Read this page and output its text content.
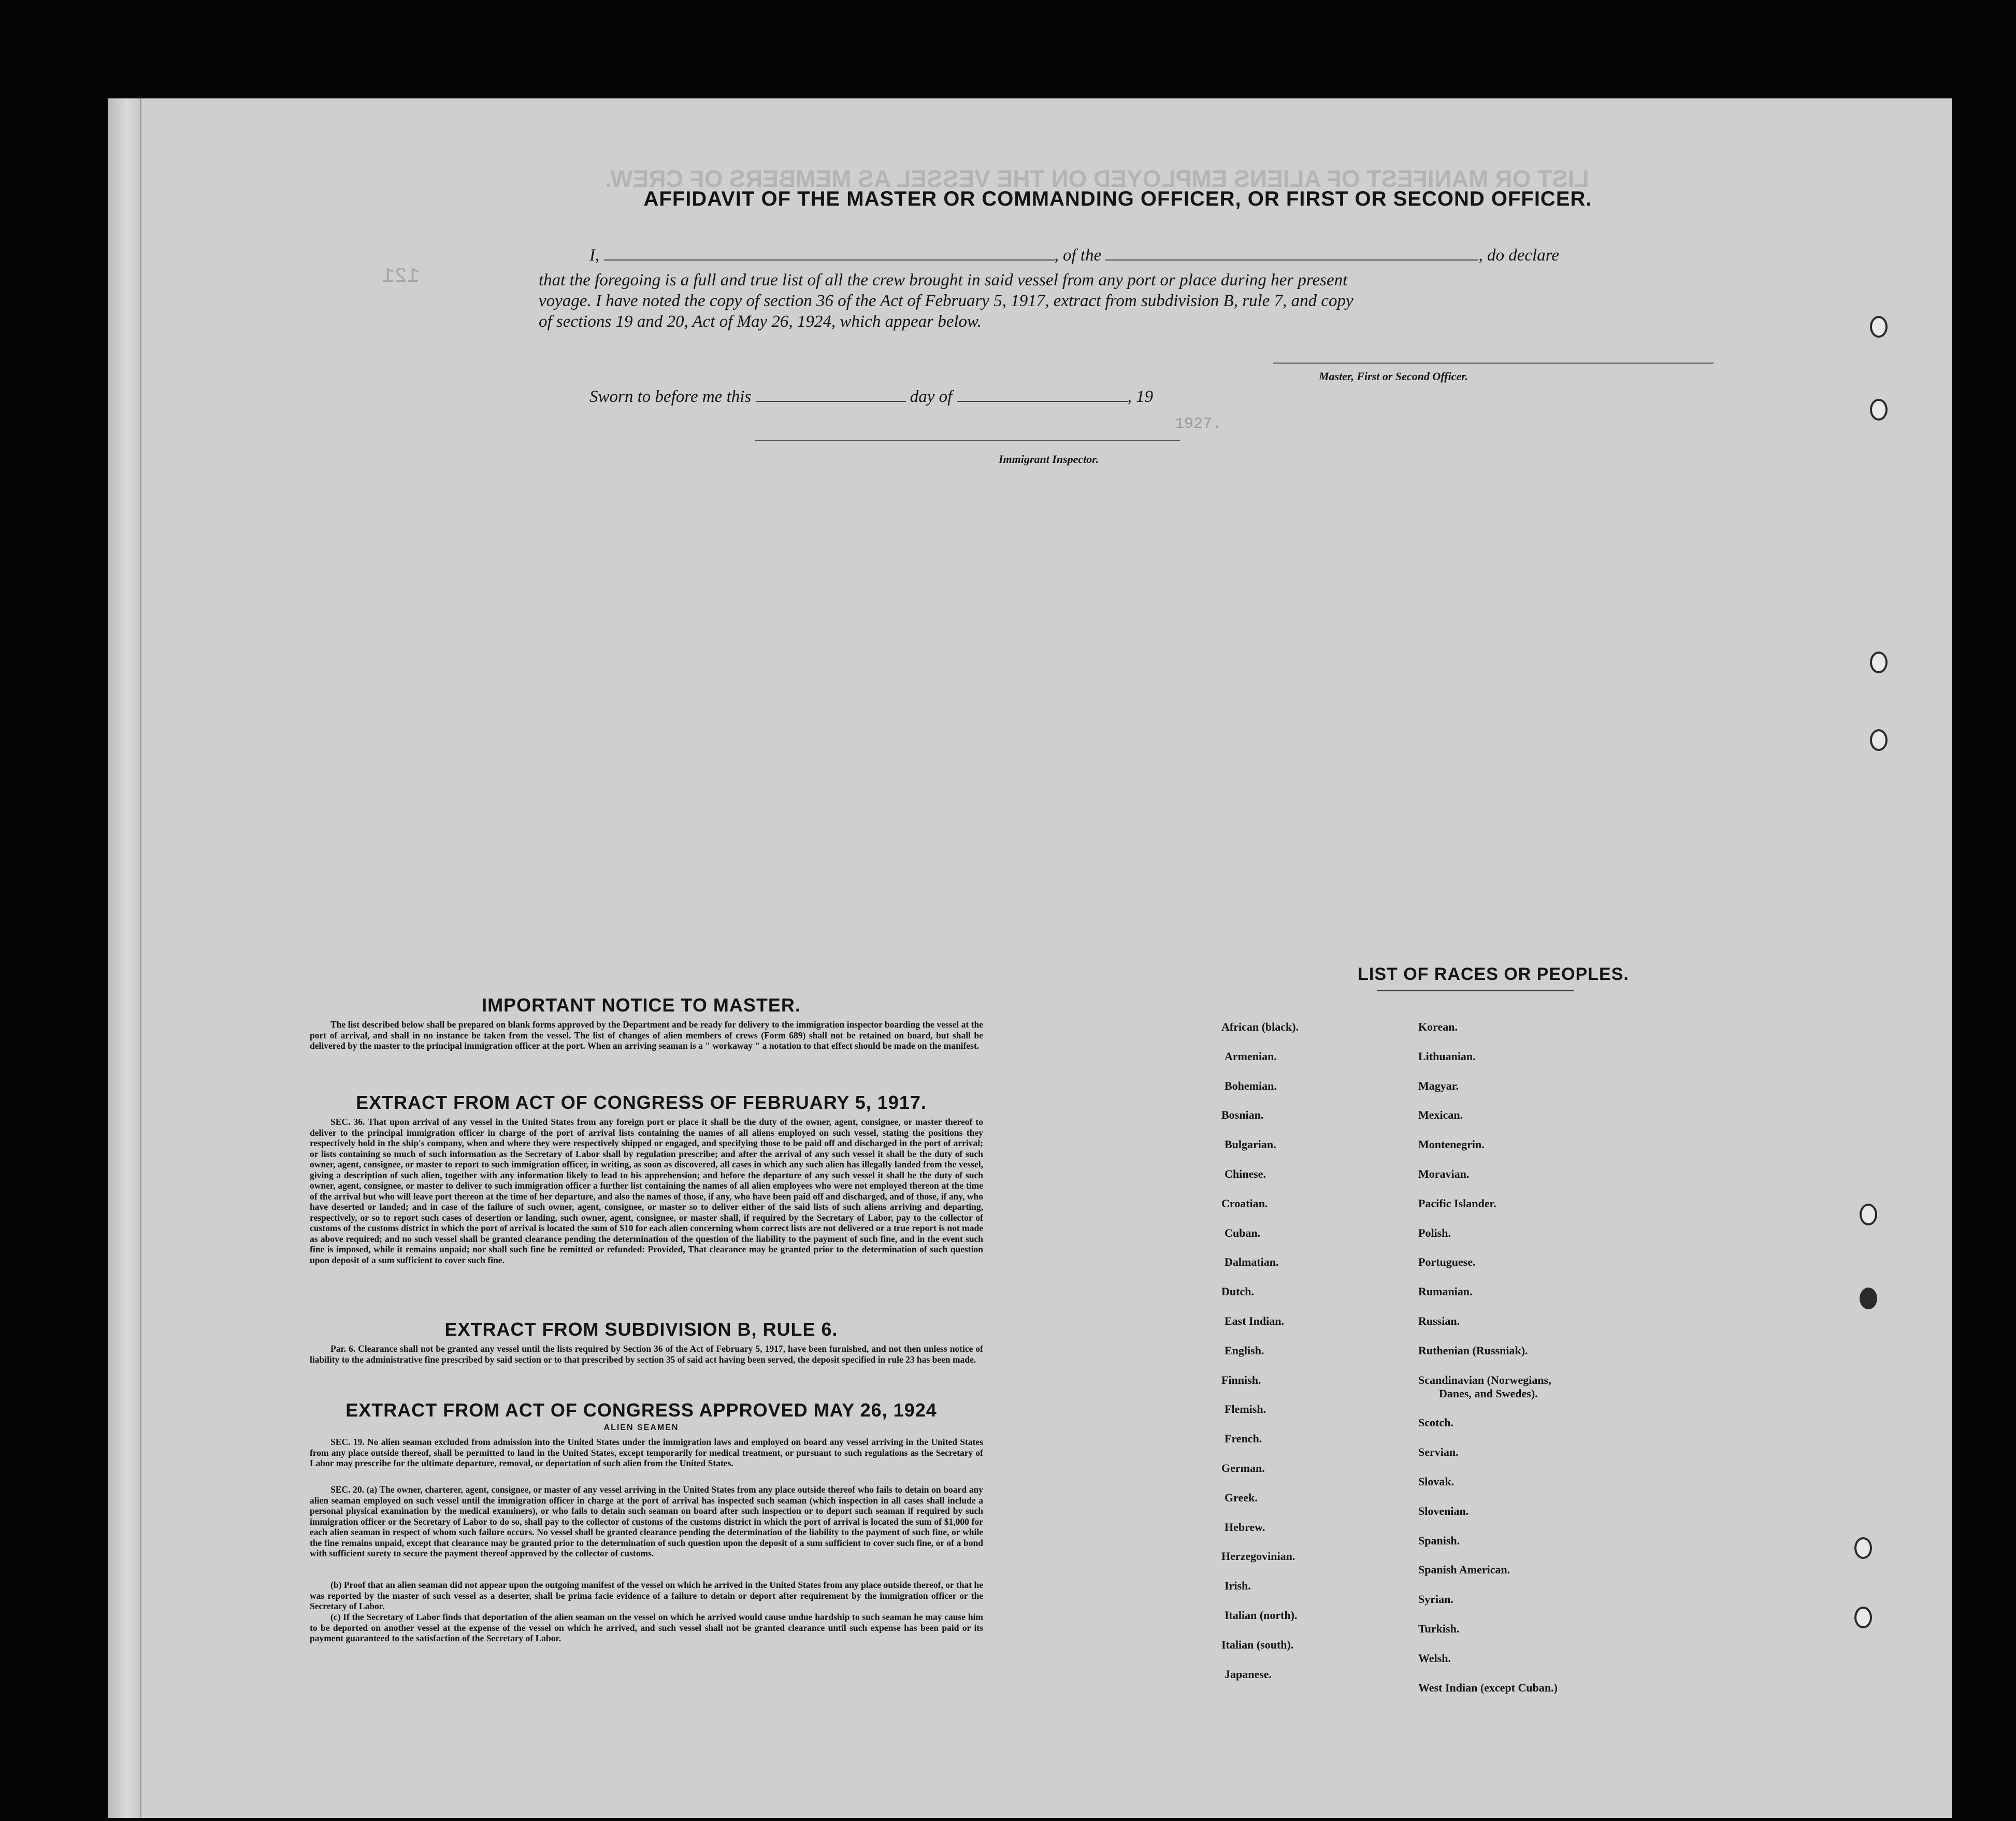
LIST OR MANIFEST OF ALIENS EMPLOYED ON THE VESSEL AS MEMBERS OF CREW.
121
AFFIDAVIT OF THE MASTER OR COMMANDING OFFICER, OR FIRST OR SECOND OFFICER.
I,	, of the	, do declare
that the foregoing is a full and true list of all the crew brought in said vessel from any port or place during her present
voyage. I have noted the copy of section 36 of the Act of February 5, 1917, extract from subdivision B, rule 7, and copy
of sections 19 and 20, Act of May 26, 1924, which appear below.
Master, First or Second Officer.
Sworn to before me this	day of	, 19
1927.
Immigrant Inspector.
IMPORTANT NOTICE TO MASTER.
The list described below shall be prepared on blank forms approved by the Department and be ready for delivery to the immigration inspector boarding the vessel at the port of arrival, and shall in no instance be taken from the vessel. The list of changes of alien members of crews (Form 689) shall not be retained on board, but shall be delivered by the master to the principal immigration officer at the port. When an arriving seaman is a " workaway " a notation to that effect should be made on the manifest.
EXTRACT FROM ACT OF CONGRESS OF FEBRUARY 5, 1917.
SEC. 36. That upon arrival of any vessel in the United States from any foreign port or place it shall be the duty of the owner, agent, consignee, or master thereof to deliver to the principal immigration officer in charge of the port of arrival lists containing the names of all aliens employed on such vessel, stating the positions they respectively hold in the ship's company, when and where they were respectively shipped or engaged, and specifying those to be paid off and discharged in the port of arrival; or lists containing so much of such information as the Secretary of Labor shall by regulation prescribe; and after the arrival of any such vessel it shall be the duty of such owner, agent, consignee, or master to report to such immigration officer, in writing, as soon as discovered, all cases in which any such alien has illegally landed from the vessel, giving a description of such alien, together with any information likely to lead to his apprehension; and before the departure of any such vessel it shall be the duty of such owner, agent, consignee, or master to deliver to such immigration officer a further list containing the names of all alien employees who were not employed thereon at the time of the arrival but who will leave port thereon at the time of her departure, and also the names of those, if any, who have been paid off and discharged, and of those, if any, who have deserted or landed; and in case of the failure of such owner, agent, consignee, or master so to deliver either of the said lists of such aliens arriving and departing, respectively, or so to report such cases of desertion or landing, such owner, agent, consignee, or master shall, if required by the Secretary of Labor, pay to the collector of customs of the customs district in which the port of arrival is located the sum of $10 for each alien concerning whom correct lists are not delivered or a true report is not made as above required; and no such vessel shall be granted clearance pending the determination of the question of the liability to the payment of such fine, and in the event such fine is imposed, while it remains unpaid; nor shall such fine be remitted or refunded: Provided, That clearance may be granted prior to the determination of such question upon deposit of a sum sufficient to cover such fine.
EXTRACT FROM SUBDIVISION B, RULE 6.
Par. 6. Clearance shall not be granted any vessel until the lists required by Section 36 of the Act of February 5, 1917, have been furnished, and not then unless notice of liability to the administrative fine prescribed by said section or to that prescribed by section 35 of said act having been served, the deposit specified in rule 23 has been made.
EXTRACT FROM ACT OF CONGRESS APPROVED MAY 26, 1924
ALIEN SEAMEN
SEC. 19. No alien seaman excluded from admission into the United States under the immigration laws and employed on board any vessel arriving in the United States from any place outside thereof, shall be permitted to land in the United States, except temporarily for medical treatment, or pursuant to such regulations as the Secretary of Labor may prescribe for the ultimate departure, removal, or deportation of such alien from the United States.
SEC. 20. (a) The owner, charterer, agent, consignee, or master of any vessel arriving in the United States from any place outside thereof who fails to detain on board any alien seaman employed on such vessel until the immigration officer in charge at the port of arrival has inspected such seaman (which inspection in all cases shall include a personal physical examination by the medical examiners), or who fails to detain such seaman on board after such inspection or to deport such seaman if required by such immigration officer or the Secretary of Labor to do so, shall pay to the collector of customs of the customs district in which the port of arrival is located the sum of $1,000 for each alien seaman in respect of whom such failure occurs. No vessel shall be granted clearance pending the determination of the liability to the payment of such fine, or while the fine remains unpaid, except that clearance may be granted prior to the determination of such question upon the deposit of a sum sufficient to cover such fine, or of a bond with sufficient surety to secure the payment thereof approved by the collector of customs.
(b) Proof that an alien seaman did not appear upon the outgoing manifest of the vessel on which he arrived in the United States from any place outside thereof, or that he was reported by the master of such vessel as a deserter, shall be prima facie evidence of a failure to detain or deport after requirement by the immigration officer or the Secretary of Labor.
(c) If the Secretary of Labor finds that deportation of the alien seaman on the vessel on which he arrived would cause undue hardship to such seaman he may cause him to be deported on another vessel at the expense of the vessel on which he arrived, and such vessel shall not be granted clearance until such expense has been paid or its payment guaranteed to the satisfaction of the Secretary of Labor.
LIST OF RACES OR PEOPLES.
African (black).
Armenian.
Bohemian.
Bosnian.
Bulgarian.
Chinese.
Croatian.
Cuban.
Dalmatian.
Dutch.
East Indian.
English.
Finnish.
Flemish.
French.
German.
Greek.
Hebrew.
Herzegovinian.
Irish.
Italian (north).
Italian (south).
Japanese.
Korean.
Lithuanian.
Magyar.
Mexican.
Montenegrin.
Moravian.
Pacific Islander.
Polish.
Portuguese.
Rumanian.
Russian.
Ruthenian (Russniak).
Scandinavian (Norwegians,
Danes, and Swedes).
Scotch.
Servian.
Slovak.
Slovenian.
Spanish.
Spanish American.
Syrian.
Turkish.
Welsh.
West Indian (except Cuban.)
